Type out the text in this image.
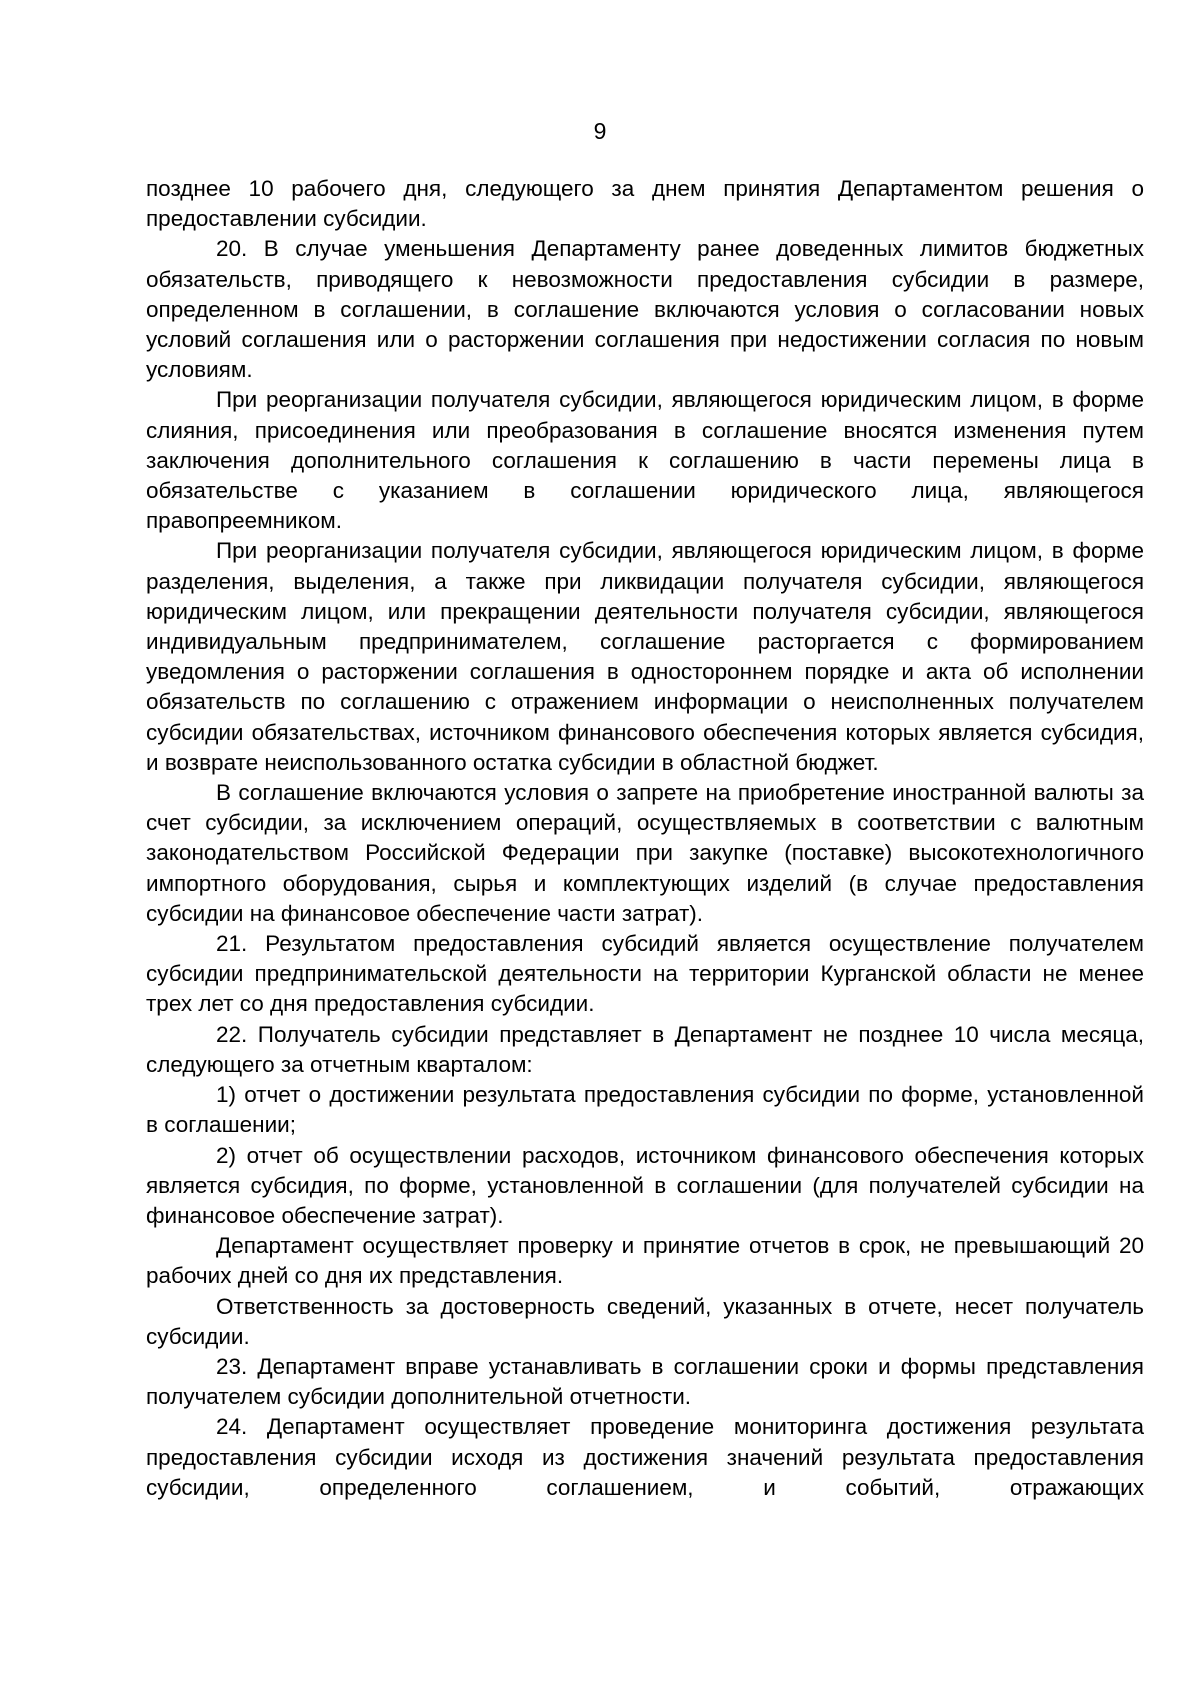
9

позднее 10 рабочего дня, следующего за днем принятия Департаментом решения о предоставлении субсидии.

20. В случае уменьшения Департаменту ранее доведенных лимитов бюджетных обязательств, приводящего к невозможности предоставления субсидии в размере, определенном в соглашении, в соглашение включаются условия о согласовании новых условий соглашения или о расторжении соглашения при недостижении согласия по новым условиям.

При реорганизации получателя субсидии, являющегося юридическим лицом, в форме слияния, присоединения или преобразования в соглашение вносятся изменения путем заключения дополнительного соглашения к соглашению в части перемены лица в обязательстве с указанием в соглашении юридического лица, являющегося правопреемником.

При реорганизации получателя субсидии, являющегося юридическим лицом, в форме разделения, выделения, а также при ликвидации получателя субсидии, являющегося юридическим лицом, или прекращении деятельности получателя субсидии, являющегося индивидуальным предпринимателем, соглашение расторгается с формированием уведомления о расторжении соглашения в одностороннем порядке и акта об исполнении обязательств по соглашению с отражением информации о неисполненных получателем субсидии обязательствах, источником финансового обеспечения которых является субсидия, и возврате неиспользованного остатка субсидии в областной бюджет.

В соглашение включаются условия о запрете на приобретение иностранной валюты за счет субсидии, за исключением операций, осуществляемых в соответствии с валютным законодательством Российской Федерации при закупке (поставке) высокотехнологичного импортного оборудования, сырья и комплектующих изделий (в случае предоставления субсидии на финансовое обеспечение части затрат).

21. Результатом предоставления субсидий является осуществление получателем субсидии предпринимательской деятельности на территории Курганской области не менее трех лет со дня предоставления субсидии.

22. Получатель субсидии представляет в Департамент не позднее 10 числа месяца, следующего за отчетным кварталом:

1) отчет о достижении результата предоставления субсидии по форме, установленной в соглашении;

2) отчет об осуществлении расходов, источником финансового обеспечения которых является субсидия, по форме, установленной в соглашении (для получателей субсидии на финансовое обеспечение затрат).

Департамент осуществляет проверку и принятие отчетов в срок, не превышающий 20 рабочих дней со дня их представления.

Ответственность за достоверность сведений, указанных в отчете, несет получатель субсидии.

23. Департамент вправе устанавливать в соглашении сроки и формы представления получателем субсидии дополнительной отчетности.

24. Департамент осуществляет проведение мониторинга достижения результата предоставления субсидии исходя из достижения значений результата предоставления субсидии, определенного соглашением, и событий, отражающих
